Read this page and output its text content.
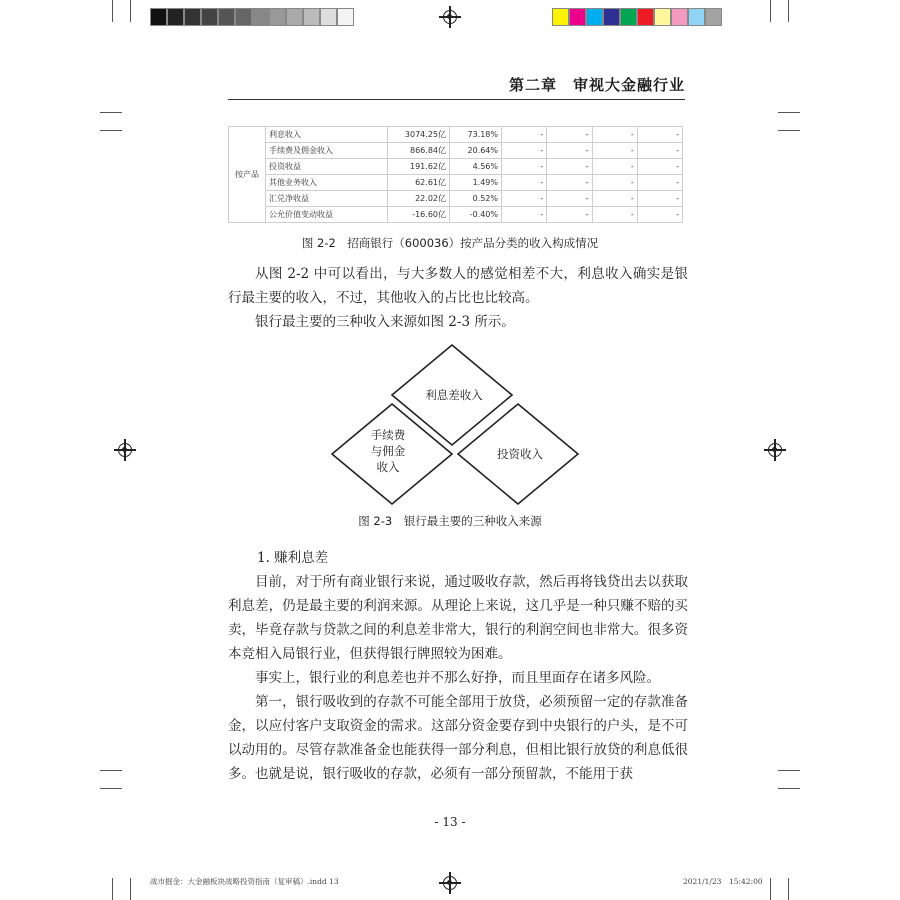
第二章　审视大金融行业
按产品	利息收入	3074.25亿	73.18%	-	-	-	-
	手续费及佣金收入	866.84亿	20.64%	-	-	-	-
	投资收益	191.62亿	4.56%	-	-	-	-
	其他业务收入	62.61亿	1.49%	-	-	-	-
	汇兑净收益	22.02亿	0.52%	-	-	-	-
	公允价值变动收益	-16.60亿	-0.40%	-	-	-	-
图 2-2　招商银行（600036）按产品分类的收入构成情况

从图 2-2 中可以看出，与大多数人的感觉相差不大，利息收入确实是银行最主要的收入，不过，其他收入的占比也比较高。

银行最主要的三种收入来源如图 2-3 所示。

利息差收入
手续费
与佣金
收入
投资收入
图 2-3　银行最主要的三种收入来源
1. 赚利息差

目前，对于所有商业银行来说，通过吸收存款，然后再将钱贷出去以获取利息差，仍是最主要的利润来源。从理论上来说，这几乎是一种只赚不赔的买卖，毕竟存款与贷款之间的利息差非常大，银行的利润空间也非常大。很多资本竞相入局银行业，但获得银行牌照较为困难。

事实上，银行业的利息差也并不那么好挣，而且里面存在诸多风险。

第一，银行吸收到的存款不可能全部用于放贷，必须预留一定的存款准备金，以应付客户支取资金的需求。这部分资金要存到中央银行的户头，是不可以动用的。尽管存款准备金也能获得一部分利息，但相比银行放贷的利息低很多。也就是说，银行吸收的存款，必须有一部分预留款，不能用于获

- 13 -
战市掘金：大金融板块战略投资指南（复审稿）.indd 13	2021/1/23　15:42:00
